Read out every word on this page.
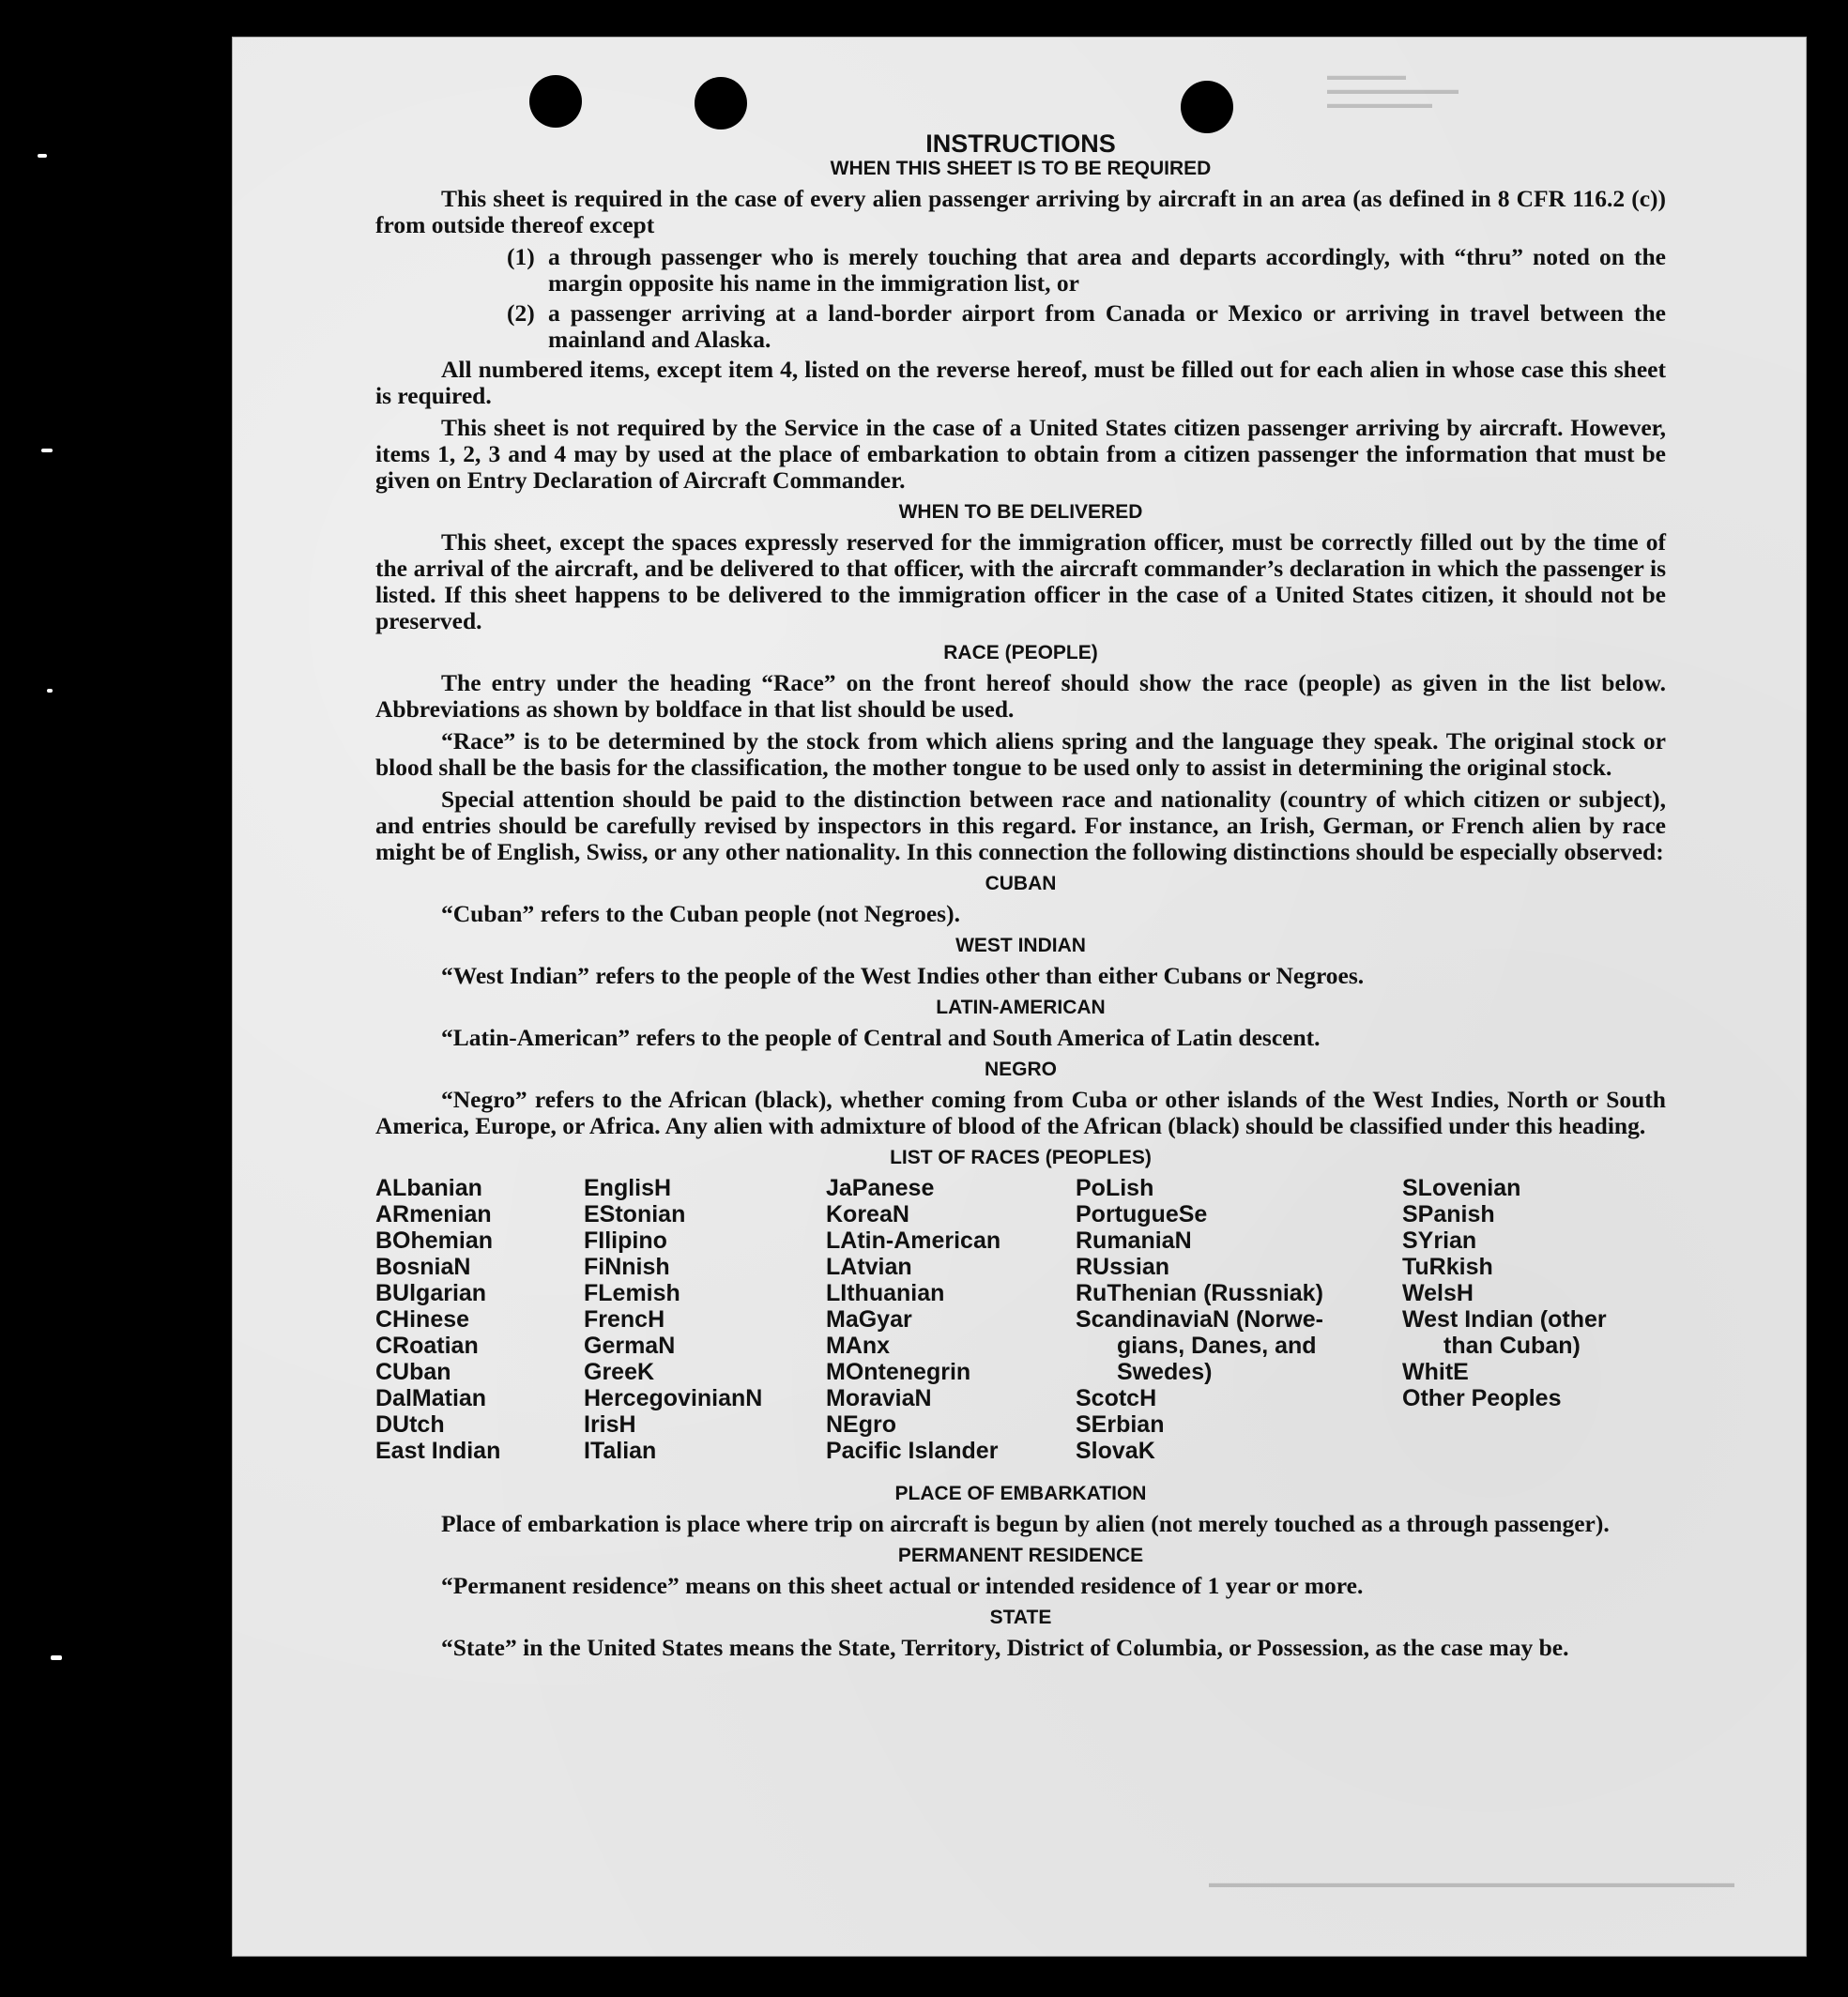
▬▬▬▬▬▬
▬▬▬▬▬▬▬▬▬▬
▬▬▬▬▬▬▬▬
▬▬▬▬▬▬▬▬▬▬▬▬▬▬▬▬▬▬▬▬▬▬▬▬▬▬▬▬▬▬▬▬▬▬▬▬▬▬▬▬
INSTRUCTIONS
WHEN THIS SHEET IS TO BE REQUIRED

This sheet is required in the case of every alien passenger arriving by aircraft in an area (as defined in 8 CFR 116.2 (c)) from outside thereof except

(1) a through passenger who is merely touching that area and departs accordingly, with “thru” noted on the margin opposite his name in the immigration list, or
(2) a passenger arriving at a land-border airport from Canada or Mexico or arriving in travel between the mainland and Alaska.

All numbered items, except item 4, listed on the reverse hereof, must be filled out for each alien in whose case this sheet is required.

This sheet is not required by the Service in the case of a United States citizen passenger arriving by aircraft. However, items 1, 2, 3 and 4 may by used at the place of embarkation to obtain from a citizen passenger the information that must be given on Entry Declaration of Aircraft Commander.

WHEN TO BE DELIVERED

This sheet, except the spaces expressly reserved for the immigration officer, must be correctly filled out by the time of the arrival of the aircraft, and be delivered to that officer, with the aircraft commander’s declaration in which the passenger is listed. If this sheet happens to be delivered to the immigration officer in the case of a United States citizen, it should not be preserved.

RACE (PEOPLE)

The entry under the heading “Race” on the front hereof should show the race (people) as given in the list below. Abbreviations as shown by boldface in that list should be used.

“Race” is to be determined by the stock from which aliens spring and the language they speak. The original stock or blood shall be the basis for the classification, the mother tongue to be used only to assist in determining the original stock.

Special attention should be paid to the distinction between race and nationality (country of which citizen or subject), and entries should be carefully revised by inspectors in this regard. For instance, an Irish, German, or French alien by race might be of English, Swiss, or any other nationality. In this connection the following distinctions should be especially observed:

CUBAN

“Cuban” refers to the Cuban people (not Negroes).

WEST INDIAN

“West Indian” refers to the people of the West Indies other than either Cubans or Negroes.

LATIN-AMERICAN

“Latin-American” refers to the people of Central and South America of Latin descent.

NEGRO

“Negro” refers to the African (black), whether coming from Cuba or other islands of the West Indies, North or South America, Europe, or Africa. Any alien with admixture of blood of the African (black) should be classified under this heading.

LIST OF RACES (PEOPLES)
ALbanian
ARmenian
BOhemian
BosniaN
BUlgarian
CHinese
CRoatian
CUban
DalMatian
DUtch
East Indian
EnglisH
EStonian
FIlipino
FiNnish
FLemish
FrencH
GermaN
GreeK
HercegovinianN
IrisH
ITalian
JaPanese
KoreaN
LAtin-American
LAtvian
LIthuanian
MaGyar
MAnx
MOntenegrin
MoraviaN
NEgro
Pacific Islander
PoLish
PortugueSe
RumaniaN
RUssian
RuThenian (Russniak)
ScandinaviaN (Norwe-
gians, Danes, and
Swedes)
ScotcH
SErbian
SlovaK
SLovenian
SPanish
SYrian
TuRkish
WelsH
West Indian (other
than Cuban)
WhitE
Other Peoples
PLACE OF EMBARKATION

Place of embarkation is place where trip on aircraft is begun by alien (not merely touched as a through passenger).

PERMANENT RESIDENCE

“Permanent residence” means on this sheet actual or intended residence of 1 year or more.

STATE

“State” in the United States means the State, Territory, District of Columbia, or Possession, as the case may be.
